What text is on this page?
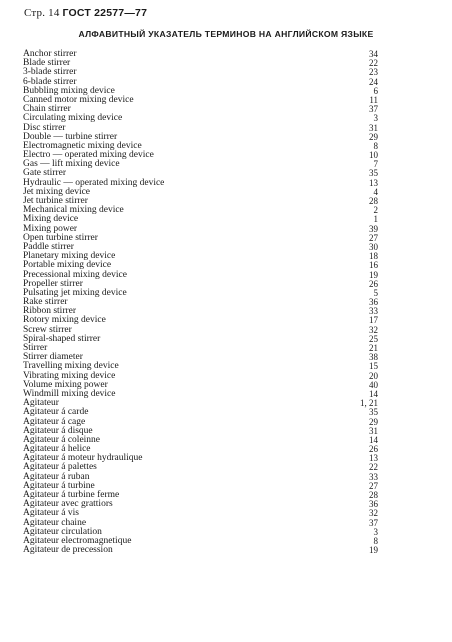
Стр. 14 ГОСТ 22577—77
АЛФАВИТНЫЙ УКАЗАТЕЛЬ ТЕРМИНОВ НА АНГЛИЙСКОМ ЯЗЫКЕ
Anchor stirrer	34
Blade stirrer	22
3-blade stirrer	23
6-blade stirrer	24
Bubbling mixing device	6
Canned motor mixing device	11
Chain stirrer	37
Circulating mixing device	3
Disc stirrer	31
Double — turbine stirrer	29
Electromagnetic mixing device	8
Electro — operated mixing device	10
Gas — lift mixing device	7
Gate stirrer	35
Hydraulic — operated mixing device	13
Jet mixing device	4
Jet turbine stirrer	28
Mechanical mixing device	2
Mixing device	1
Mixing power	39
Open turbine stirrer	27
Paddle stirrer	30
Planetary mixing device	18
Portable mixing device	16
Precessional mixing device	19
Propeller stirrer	26
Pulsating jet mixing device	5
Rake stirrer	36
Ribbon stirrer	33
Rotory mixing device	17
Screw stirrer	32
Spiral-shaped stirrer	25
Stirrer	21
Stirrer diameter	38
Travelling mixing device	15
Vibrating mixing device	20
Volume mixing power	40
Windmill mixing device	14
Agitateur	1, 21
Agitateur á carde	35
Agitateur á cage	29
Agitateur á disque	31
Agitateur á coleinne	14
Agitateur á helice	26
Agitateur á moteur hydraulique	13
Agitateur á palettes	22
Agitateur á ruban	33
Agitateur á turbine	27
Agitateur á turbine ferme	28
Agitateur avec grattiors	36
Agitateur á vis	32
Agitateur chaine	37
Agitateur circulation	3
Agitateur electromagnetique	8
Agitateur de precession	19
